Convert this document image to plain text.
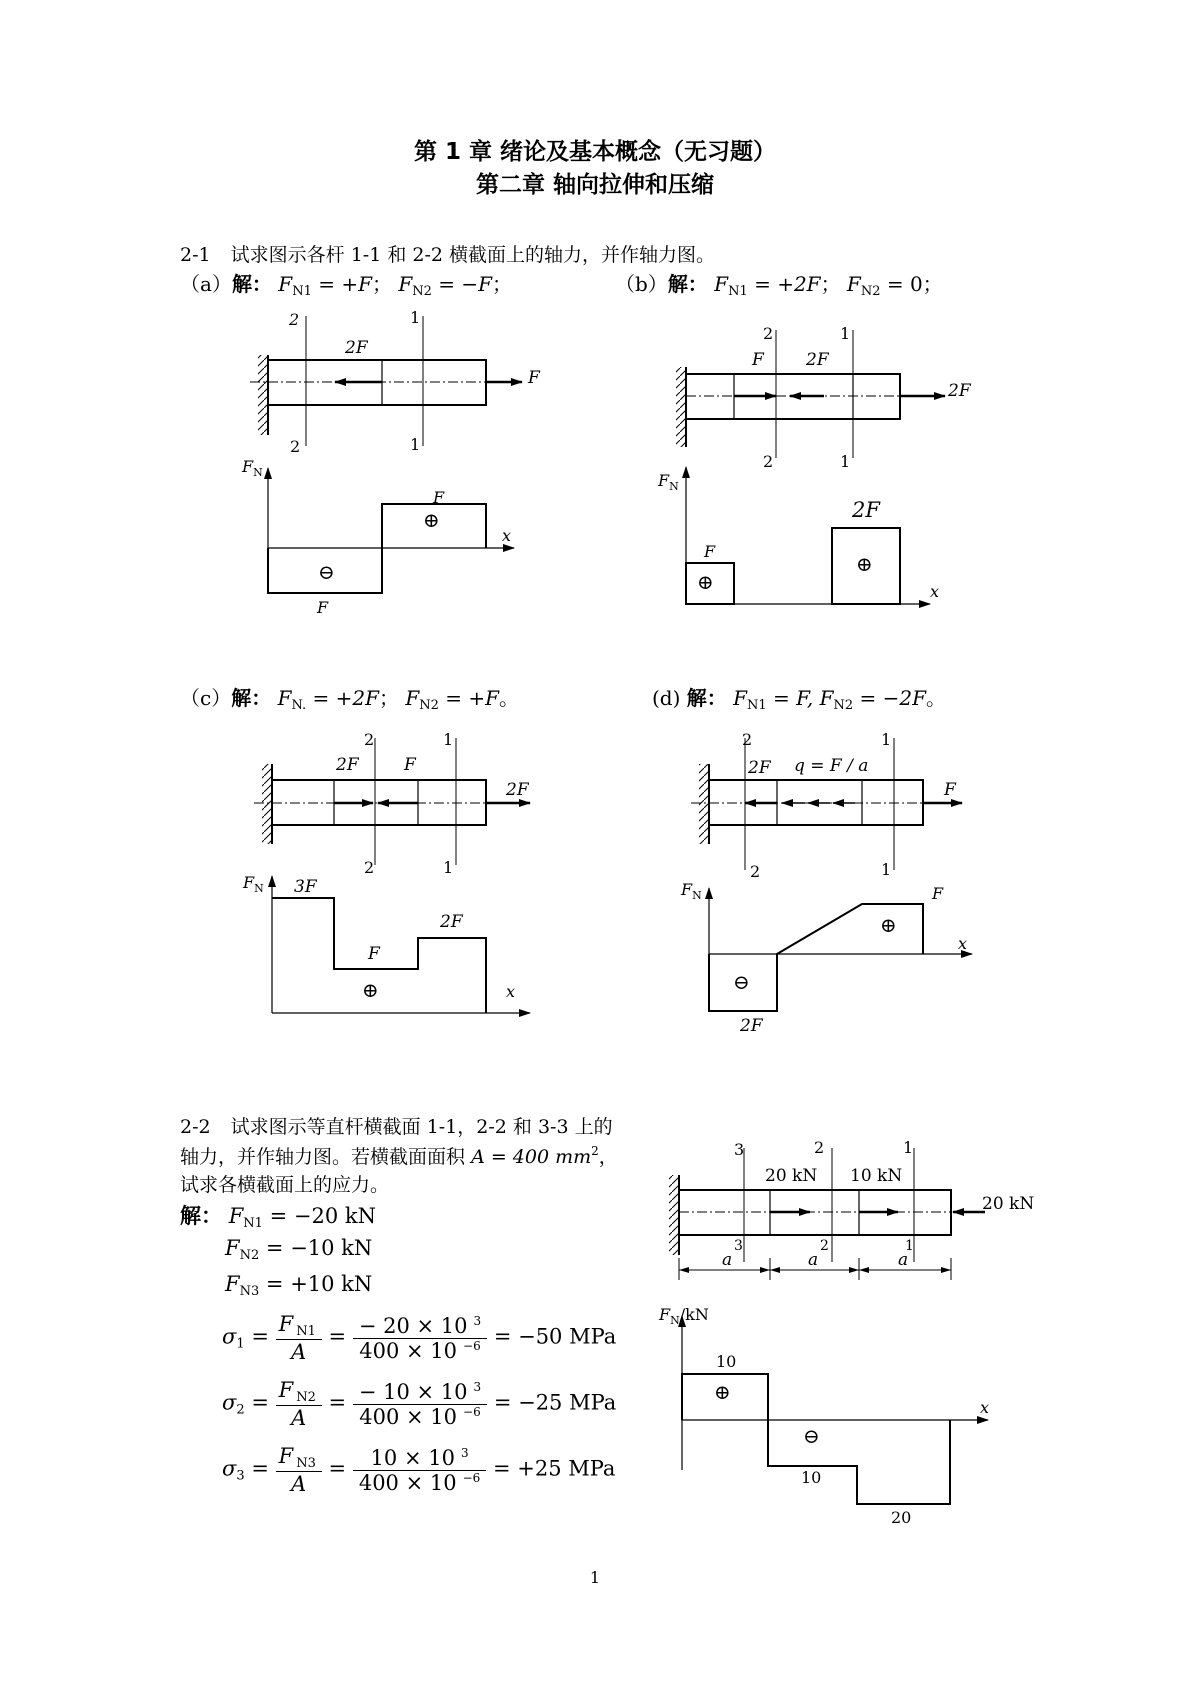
第 1 章 绪论及基本概念（无习题）
第二章 轴向拉伸和压缩
2-1 试求图示各杆 1-1 和 2-2 横截面上的轴力，并作轴力图。
（a）解： $F_{N1} = +F$； $F_{N2} = -F$；	（b）解： $F_{N1} = +2F$； $F_{N2} = 0$；
（c）解： $F_{N.} = +2F$； $F_{N2} = +F$。	(d) 解： $F_{N1} = F$, $F_{N2} = -2F$。
2	1
2	1
2F
F
$F_N$
F
⊕
⊖
F
x
2	1
2	1
F 2F
2F
$F_N$
F
2F
⊕
⊕
x
2	1
2	1
2F	F
2F
$F_N$ 3F
2F
F
⊕	x
2	1
2	1
2F q = F / a
F
$F_N$	F
⊕
⊖
2F
x
2-2 试求图示等直杆横截面 1-1，2-2 和 3-3 上的
轴力，并作轴力图。若横截面面积 A = 400 $mm^2$，
试求各横截面上的应力。
解： $F_{N1} = -20$ kN
$F_{N2} = -10$ kN
$F_{N3} = +10$ kN
$\sigma_1 = \frac{F _{N1}}{A} = \frac{- 20 \times 10 ^3}{400 \times 10 ^{-6}} = -50$ MPa
$\sigma_2 = \frac{F _{N2}}{A} = \frac{- 10 \times 10 ^3}{400 \times 10 ^{-6}} = -25$ MPa
$\sigma_3 = \frac{F _{N3}}{A} = \frac{10 \times 10 ^3}{400 \times 10 ^{-6}} = +25$ MPa
3	2	1
3	2	1
20 kN 10 kN
20 kN
a	a	a
$F_N/kN$
10
⊕
⊖
10
20
x
1
